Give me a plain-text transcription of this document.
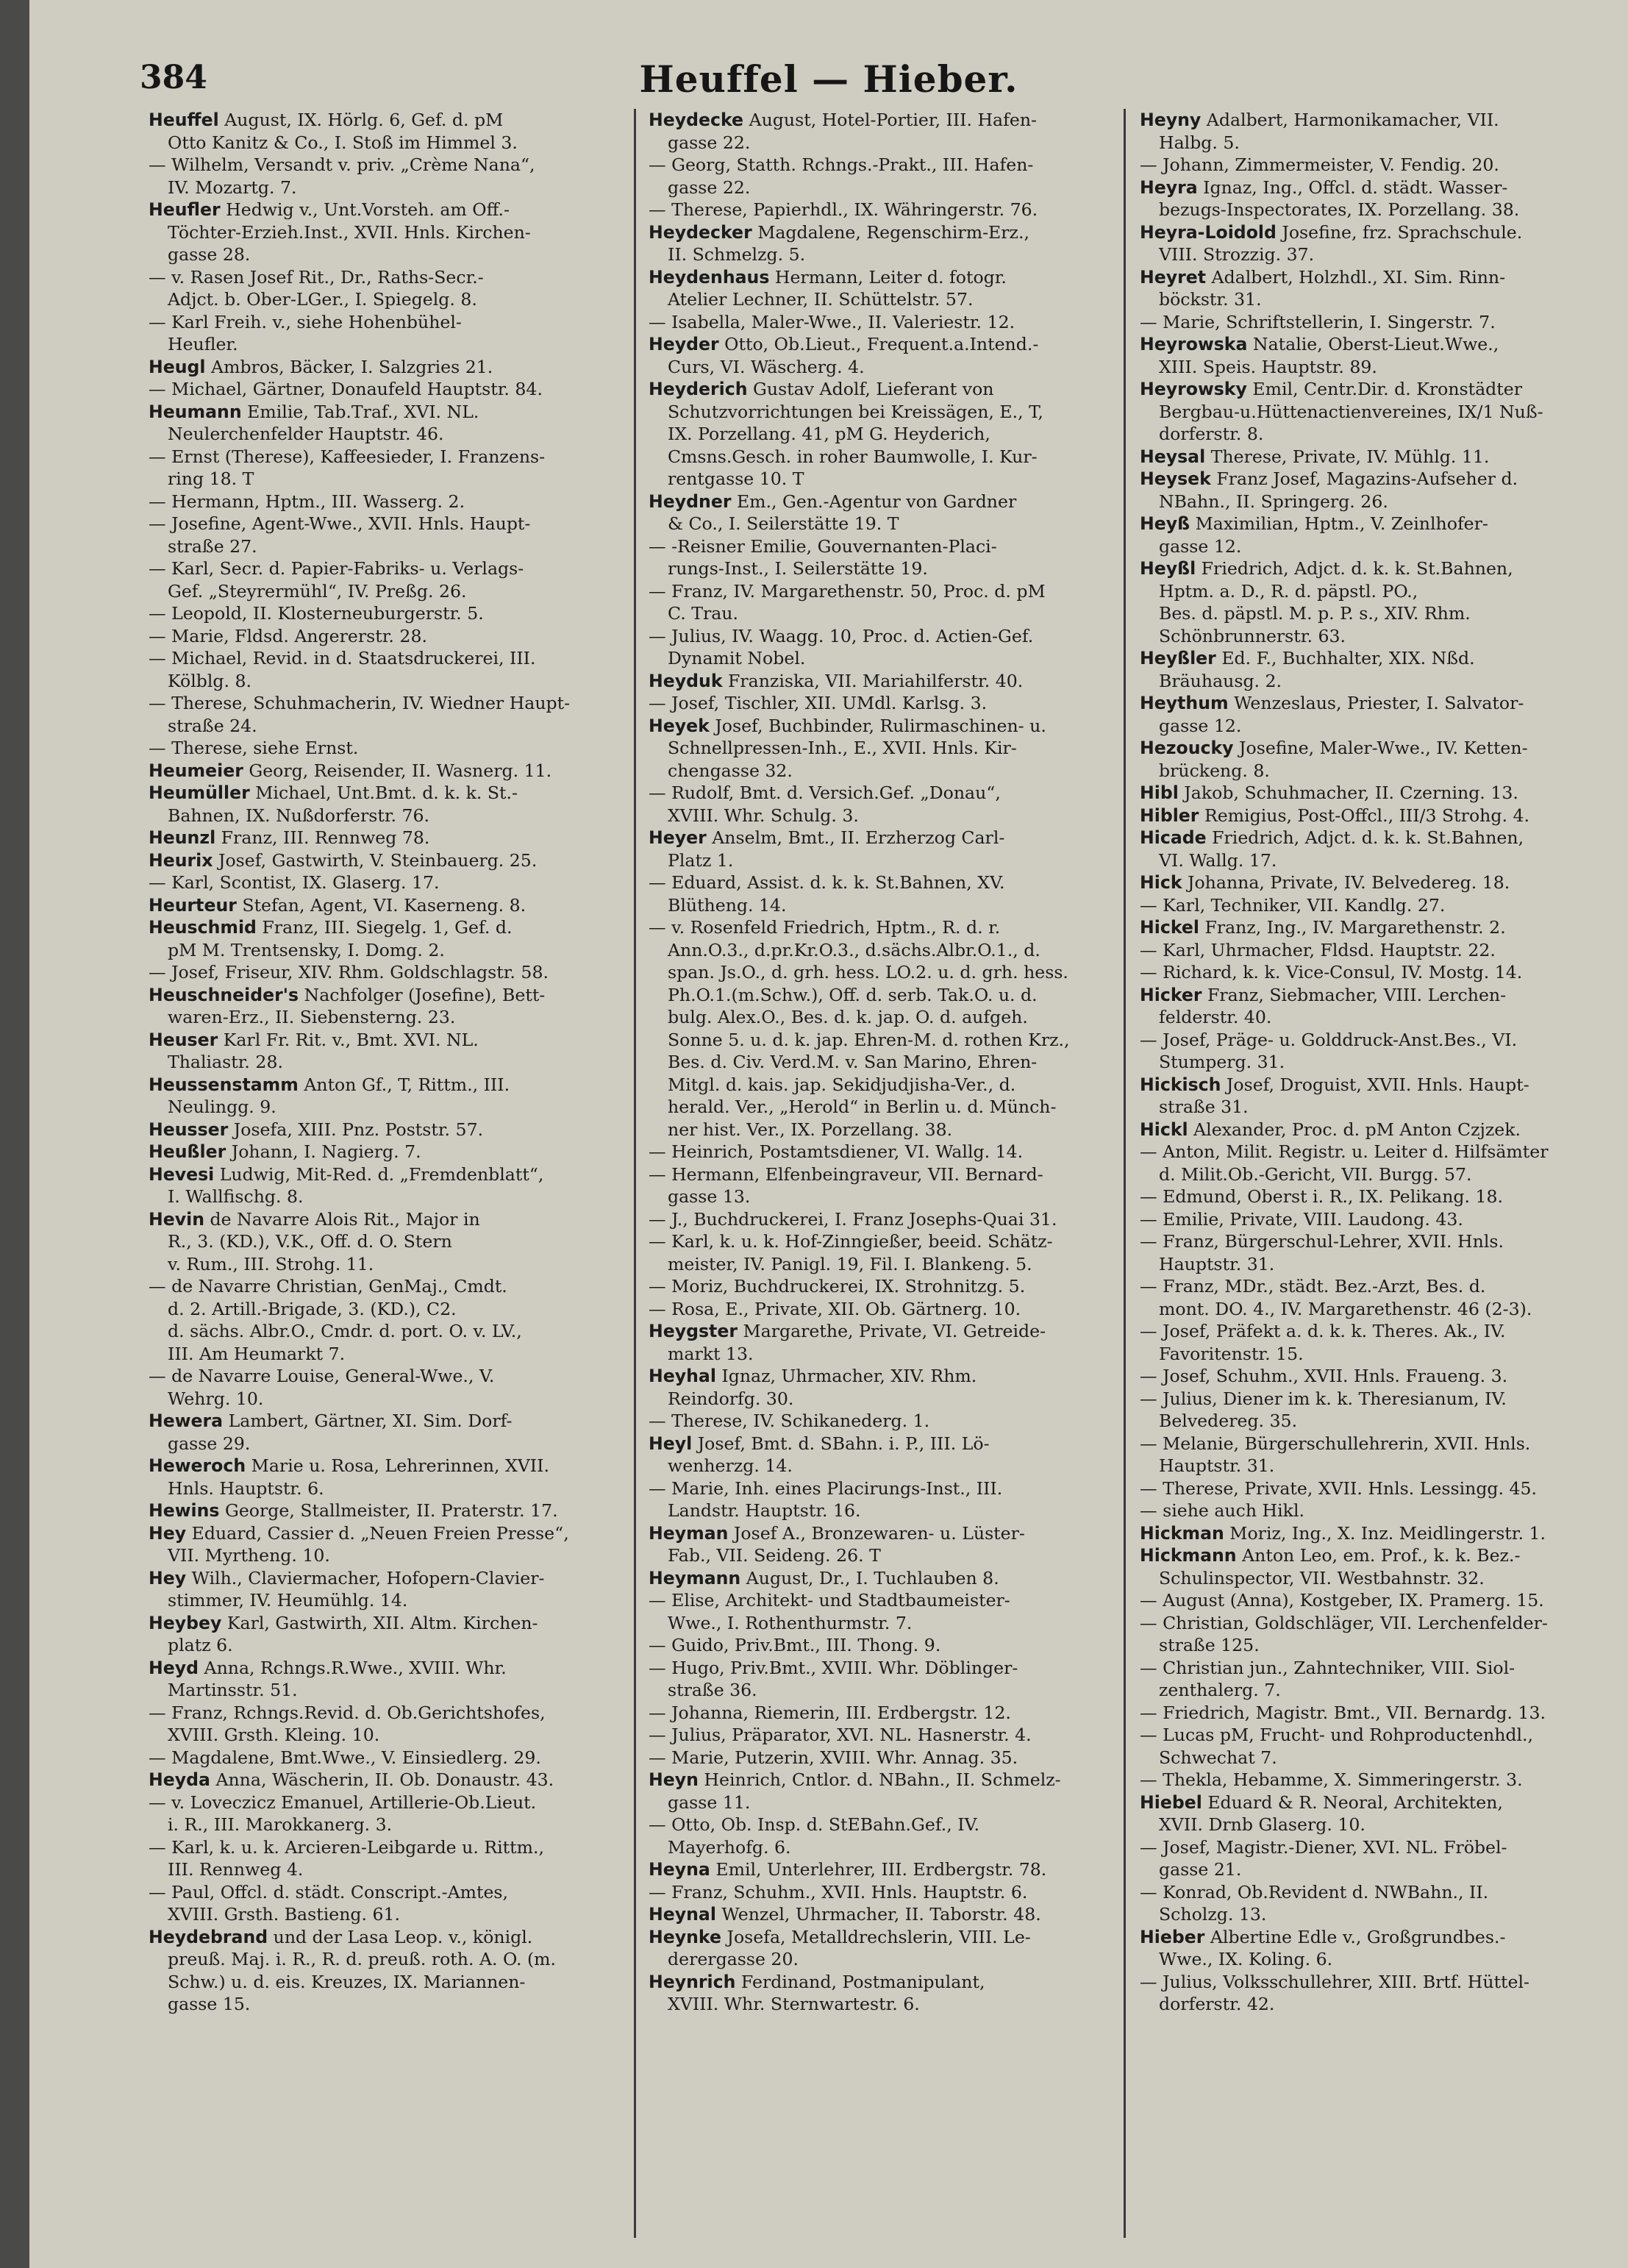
384	Heuffel — Hieber.
Heuffel August, IX. Hörlg. 6, Gef. d. pM
Otto Kanitz & Co., I. Stoß im Himmel 3.
— Wilhelm, Versandt v. priv. „Crème Nana“,
IV. Mozartg. 7.
Heufler Hedwig v., Unt.Vorsteh. am Off.-
Töchter-Erzieh.Inst., XVII. Hnls. Kirchen-
gasse 28.
— v. Rasen Josef Rit., Dr., Raths-Secr.-
Adjct. b. Ober-LGer., I. Spiegelg. 8.
— Karl Freih. v., siehe Hohenbühel-
Heufler.
Heugl Ambros, Bäcker, I. Salzgries 21.
— Michael, Gärtner, Donaufeld Hauptstr. 84.
Heumann Emilie, Tab.Traf., XVI. NL.
Neulerchenfelder Hauptstr. 46.
— Ernst (Therese), Kaffeesieder, I. Franzens-
ring 18. T
— Hermann, Hptm., III. Wasserg. 2.
— Josefine, Agent-Wwe., XVII. Hnls. Haupt-
straße 27.
— Karl, Secr. d. Papier-Fabriks- u. Verlags-
Gef. „Steyrermühl“, IV. Preßg. 26.
— Leopold, II. Klosterneuburgerstr. 5.
— Marie, Fldsd. Angererstr. 28.
— Michael, Revid. in d. Staatsdruckerei, III.
Kölblg. 8.
— Therese, Schuhmacherin, IV. Wiedner Haupt-
straße 24.
— Therese, siehe Ernst.
Heumeier Georg, Reisender, II. Wasnerg. 11.
Heumüller Michael, Unt.Bmt. d. k. k. St.-
Bahnen, IX. Nußdorferstr. 76.
Heunzl Franz, III. Rennweg 78.
Heurix Josef, Gastwirth, V. Steinbauerg. 25.
— Karl, Scontist, IX. Glaserg. 17.
Heurteur Stefan, Agent, VI. Kaserneng. 8.
Heuschmid Franz, III. Siegelg. 1, Gef. d.
pM M. Trentsensky, I. Domg. 2.
— Josef, Friseur, XIV. Rhm. Goldschlagstr. 58.
Heuschneider's Nachfolger (Josefine), Bett-
waren-Erz., II. Siebensterng. 23.
Heuser Karl Fr. Rit. v., Bmt. XVI. NL.
Thaliastr. 28.
Heussenstamm Anton Gf., T, Rittm., III.
Neulingg. 9.
Heusser Josefa, XIII. Pnz. Poststr. 57.
Heußler Johann, I. Nagierg. 7.
Hevesi Ludwig, Mit-Red. d. „Fremdenblatt“,
I. Wallfischg. 8.
Hevin de Navarre Alois Rit., Major in
R., 3. (KD.), V.K., Off. d. O. Stern
v. Rum., III. Strohg. 11.
— de Navarre Christian, GenMaj., Cmdt.
d. 2. Artill.-Brigade, 3. (KD.), C2.
d. sächs. Albr.O., Cmdr. d. port. O. v. LV.,
III. Am Heumarkt 7.
— de Navarre Louise, General-Wwe., V.
Wehrg. 10.
Hewera Lambert, Gärtner, XI. Sim. Dorf-
gasse 29.
Heweroch Marie u. Rosa, Lehrerinnen, XVII.
Hnls. Hauptstr. 6.
Hewins George, Stallmeister, II. Praterstr. 17.
Hey Eduard, Cassier d. „Neuen Freien Presse“,
VII. Myrtheng. 10.
Hey Wilh., Claviermacher, Hofopern-Clavier-
stimmer, IV. Heumühlg. 14.
Heybey Karl, Gastwirth, XII. Altm. Kirchen-
platz 6.
Heyd Anna, Rchngs.R.Wwe., XVIII. Whr.
Martinsstr. 51.
— Franz, Rchngs.Revid. d. Ob.Gerichtshofes,
XVIII. Grsth. Kleing. 10.
— Magdalene, Bmt.Wwe., V. Einsiedlerg. 29.
Heyda Anna, Wäscherin, II. Ob. Donaustr. 43.
— v. Loveczicz Emanuel, Artillerie-Ob.Lieut.
i. R., III. Marokkanerg. 3.
— Karl, k. u. k. Arcieren-Leibgarde u. Rittm.,
III. Rennweg 4.
— Paul, Offcl. d. städt. Conscript.-Amtes,
XVIII. Grsth. Bastieng. 61.
Heydebrand und der Lasa Leop. v., königl.
preuß. Maj. i. R., R. d. preuß. roth. A. O. (m.
Schw.) u. d. eis. Kreuzes, IX. Mariannen-
gasse 15.
Heydecke August, Hotel-Portier, III. Hafen-
gasse 22.
— Georg, Statth. Rchngs.-Prakt., III. Hafen-
gasse 22.
— Therese, Papierhdl., IX. Währingerstr. 76.
Heydecker Magdalene, Regenschirm-Erz.,
II. Schmelzg. 5.
Heydenhaus Hermann, Leiter d. fotogr.
Atelier Lechner, II. Schüttelstr. 57.
— Isabella, Maler-Wwe., II. Valeriestr. 12.
Heyder Otto, Ob.Lieut., Frequent.a.Intend.-
Curs, VI. Wäscherg. 4.
Heyderich Gustav Adolf, Lieferant von
Schutzvorrichtungen bei Kreissägen, E., T,
IX. Porzellang. 41, pM G. Heyderich,
Cmsns.Gesch. in roher Baumwolle, I. Kur-
rentgasse 10. T
Heydner Em., Gen.-Agentur von Gardner
& Co., I. Seilerstätte 19. T
— -Reisner Emilie, Gouvernanten-Placi-
rungs-Inst., I. Seilerstätte 19.
— Franz, IV. Margarethenstr. 50, Proc. d. pM
C. Trau.
— Julius, IV. Waagg. 10, Proc. d. Actien-Gef.
Dynamit Nobel.
Heyduk Franziska, VII. Mariahilferstr. 40.
— Josef, Tischler, XII. UMdl. Karlsg. 3.
Heyek Josef, Buchbinder, Rulirmaschinen- u.
Schnellpressen-Inh., E., XVII. Hnls. Kir-
chengasse 32.
— Rudolf, Bmt. d. Versich.Gef. „Donau“,
XVIII. Whr. Schulg. 3.
Heyer Anselm, Bmt., II. Erzherzog Carl-
Platz 1.
— Eduard, Assist. d. k. k. St.Bahnen, XV.
Blütheng. 14.
— v. Rosenfeld Friedrich, Hptm., R. d. r.
Ann.O.3., d.pr.Kr.O.3., d.sächs.Albr.O.1., d.
span. Js.O., d. grh. hess. LO.2. u. d. grh. hess.
Ph.O.1.(m.Schw.), Off. d. serb. Tak.O. u. d.
bulg. Alex.O., Bes. d. k. jap. O. d. aufgeh.
Sonne 5. u. d. k. jap. Ehren-M. d. rothen Krz.,
Bes. d. Civ. Verd.M. v. San Marino, Ehren-
Mitgl. d. kais. jap. Sekidjudjisha-Ver., d.
herald. Ver., „Herold“ in Berlin u. d. Münch-
ner hist. Ver., IX. Porzellang. 38.
— Heinrich, Postamtsdiener, VI. Wallg. 14.
— Hermann, Elfenbeingraveur, VII. Bernard-
gasse 13.
— J., Buchdruckerei, I. Franz Josephs-Quai 31.
— Karl, k. u. k. Hof-Zinngießer, beeid. Schätz-
meister, IV. Panigl. 19, Fil. I. Blankeng. 5.
— Moriz, Buchdruckerei, IX. Strohnitzg. 5.
— Rosa, E., Private, XII. Ob. Gärtnerg. 10.
Heygster Margarethe, Private, VI. Getreide-
markt 13.
Heyhal Ignaz, Uhrmacher, XIV. Rhm.
Reindorfg. 30.
— Therese, IV. Schikanederg. 1.
Heyl Josef, Bmt. d. SBahn. i. P., III. Lö-
wenherzg. 14.
— Marie, Inh. eines Placirungs-Inst., III.
Landstr. Hauptstr. 16.
Heyman Josef A., Bronzewaren- u. Lüster-
Fab., VII. Seideng. 26. T
Heymann August, Dr., I. Tuchlauben 8.
— Elise, Architekt- und Stadtbaumeister-
Wwe., I. Rothenthurmstr. 7.
— Guido, Priv.Bmt., III. Thong. 9.
— Hugo, Priv.Bmt., XVIII. Whr. Döblinger-
straße 36.
— Johanna, Riemerin, III. Erdbergstr. 12.
— Julius, Präparator, XVI. NL. Hasnerstr. 4.
— Marie, Putzerin, XVIII. Whr. Annag. 35.
Heyn Heinrich, Cntlor. d. NBahn., II. Schmelz-
gasse 11.
— Otto, Ob. Insp. d. StEBahn.Gef., IV.
Mayerhofg. 6.
Heyna Emil, Unterlehrer, III. Erdbergstr. 78.
— Franz, Schuhm., XVII. Hnls. Hauptstr. 6.
Heynal Wenzel, Uhrmacher, II. Taborstr. 48.
Heynke Josefa, Metalldrechslerin, VIII. Le-
derergasse 20.
Heynrich Ferdinand, Postmanipulant,
XVIII. Whr. Sternwartestr. 6.
Heyny Adalbert, Harmonikamacher, VII.
Halbg. 5.
— Johann, Zimmermeister, V. Fendig. 20.
Heyra Ignaz, Ing., Offcl. d. städt. Wasser-
bezugs-Inspectorates, IX. Porzellang. 38.
Heyra-Loidold Josefine, frz. Sprachschule.
VIII. Strozzig. 37.
Heyret Adalbert, Holzhdl., XI. Sim. Rinn-
böckstr. 31.
— Marie, Schriftstellerin, I. Singerstr. 7.
Heyrowska Natalie, Oberst-Lieut.Wwe.,
XIII. Speis. Hauptstr. 89.
Heyrowsky Emil, Centr.Dir. d. Kronstädter
Bergbau-u.Hüttenactienvereines, IX/1 Nuß-
dorferstr. 8.
Heysal Therese, Private, IV. Mühlg. 11.
Heysek Franz Josef, Magazins-Aufseher d.
NBahn., II. Springerg. 26.
Heyß Maximilian, Hptm., V. Zeinlhofer-
gasse 12.
Heyßl Friedrich, Adjct. d. k. k. St.Bahnen,
Hptm. a. D., R. d. päpstl. PO.,
Bes. d. päpstl. M. p. P. s., XIV. Rhm.
Schönbrunnerstr. 63.
Heyßler Ed. F., Buchhalter, XIX. Nßd.
Bräuhausg. 2.
Heythum Wenzeslaus, Priester, I. Salvator-
gasse 12.
Hezoucky Josefine, Maler-Wwe., IV. Ketten-
brückeng. 8.
Hibl Jakob, Schuhmacher, II. Czerning. 13.
Hibler Remigius, Post-Offcl., III/3 Strohg. 4.
Hicade Friedrich, Adjct. d. k. k. St.Bahnen,
VI. Wallg. 17.
Hick Johanna, Private, IV. Belvedereg. 18.
— Karl, Techniker, VII. Kandlg. 27.
Hickel Franz, Ing., IV. Margarethenstr. 2.
— Karl, Uhrmacher, Fldsd. Hauptstr. 22.
— Richard, k. k. Vice-Consul, IV. Mostg. 14.
Hicker Franz, Siebmacher, VIII. Lerchen-
felderstr. 40.
— Josef, Präge- u. Golddruck-Anst.Bes., VI.
Stumperg. 31.
Hickisch Josef, Droguist, XVII. Hnls. Haupt-
straße 31.
Hickl Alexander, Proc. d. pM Anton Czjzek.
— Anton, Milit. Registr. u. Leiter d. Hilfsämter
d. Milit.Ob.-Gericht, VII. Burgg. 57.
— Edmund, Oberst i. R., IX. Pelikang. 18.
— Emilie, Private, VIII. Laudong. 43.
— Franz, Bürgerschul-Lehrer, XVII. Hnls.
Hauptstr. 31.
— Franz, MDr., städt. Bez.-Arzt, Bes. d.
mont. DO. 4., IV. Margarethenstr. 46 (2-3).
— Josef, Präfekt a. d. k. k. Theres. Ak., IV.
Favoritenstr. 15.
— Josef, Schuhm., XVII. Hnls. Fraueng. 3.
— Julius, Diener im k. k. Theresianum, IV.
Belvedereg. 35.
— Melanie, Bürgerschullehrerin, XVII. Hnls.
Hauptstr. 31.
— Therese, Private, XVII. Hnls. Lessingg. 45.
— siehe auch Hikl.
Hickman Moriz, Ing., X. Inz. Meidlingerstr. 1.
Hickmann Anton Leo, em. Prof., k. k. Bez.-
Schulinspector, VII. Westbahnstr. 32.
— August (Anna), Kostgeber, IX. Pramerg. 15.
— Christian, Goldschläger, VII. Lerchenfelder-
straße 125.
— Christian jun., Zahntechniker, VIII. Siol-
zenthalerg. 7.
— Friedrich, Magistr. Bmt., VII. Bernardg. 13.
— Lucas pM, Frucht- und Rohproductenhdl.,
Schwechat 7.
— Thekla, Hebamme, X. Simmeringerstr. 3.
Hiebel Eduard & R. Neoral, Architekten,
XVII. Drnb Glaserg. 10.
— Josef, Magistr.-Diener, XVI. NL. Fröbel-
gasse 21.
— Konrad, Ob.Revident d. NWBahn., II.
Scholzg. 13.
Hieber Albertine Edle v., Großgrundbes.-
Wwe., IX. Koling. 6.
— Julius, Volksschullehrer, XIII. Brtf. Hüttel-
dorferstr. 42.
